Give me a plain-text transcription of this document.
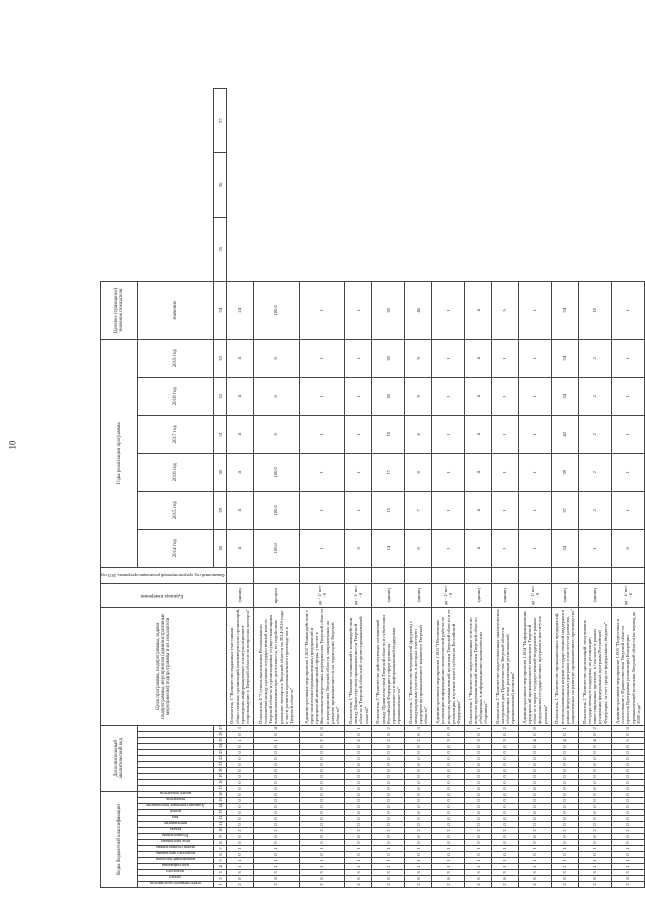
10
Коды бюджетной классификации																Дополнительный аналитический код											Цели программы, подпрограммы, задачи подпрограммы, мероприятия (административные мероприятия) подпрограммы и их показатели	Единица измерения	Финансовый год, предшествующий реализации программы, 2013 год	Годы реализации программы						Целевое (суммарное) значение показателя			
ответственного исполнителя	раздел	подраздел	классификация	направление расходов	подраздел программы	задачи подпрограммы	цель программы	Подпрограмма	задача	мероприятие	вид	номер	Административное мероприятие	показатель	номер показателя															2014 год	2015 год	2016 год	2017 год	2018 год	2019 год	значение			
1	2	3	4	5	6	7	8	9	10	11	12	13	14	15	16	17	18	19	20	21	22	23	24	25	26	27				28	29	30	31	32	33	34	35	36	37
2	8	3	1	1	0	1	0	0	2	0	0	0	0	0	0	0	0	0	0	0	0	0	0	1	0	3	Показатель 3 "Количество выданных участникам общественных организаций некоммерческих организаций, прошедших информационное и консультационное сопровождение в Тверской области по вопросам экспорта"	единиц		4	4	4	4	4	4	24			
2	8	3	1	1	0	1	0	0	2	0	0	0	0	0	0	0	0	0	0	0	0	0	0	1	0	4	Показатель 4 "Степень выполнения Регионального соглашения между органами государственной власти Тверской области и организациями, осуществляющими внешнеэкономическую деятельность, по содействию развитию экспорта в Тверской области на 2014-2016 годы в части развития промышленного производства в Тверской области"	процент		100,0	100,0	100,0	0	0	0	100,0			
2	8	3	1	1	0	1	0	0	2	0	0	0	0	0	0	0	0	0	0	0	0	0	0	2	0	0	Административное мероприятие 1.002 "Взаимодействие с представителями промышленных предприятий и предприятий инновационной сферы, участие в Выставочно-конгрессных мероприятиях Тверской области и мероприятиях Тверской области, направленных на развитие промышленности на территории Тверской области"	да - 1/ нет - 0		1	1	1	1	1	1	1			
2	8	3	1	1	0	1	0	0	2	0	0	0	0	0	0	0	0	0	0	0	0	0	0	2	0	1	Показатель 1 "Наличие соглашений о взаимодействии между Министерством промышленности Тверской области и Тверской областной торгово-промышленной палатой"	да - 1/ нет - 0		0	1	1	1	1	1	1			
2	8	3	1	1	0	1	0	0	2	0	0	0	0	0	0	0	0	0	0	0	0	0	0	2	0	2	Показатель 2 "Количество действующих соглашений между Правительством Тверской области и субъектами Российской Федерации в сфере развития промышленности и информационной поддержки промышленности"	единиц		14	15	17	18	20	20	20			
2	8	3	1	1	0	1	0	0	2	0	0	0	0	0	0	0	0	0	0	0	0	0	0	2	0	3	Показатель 3 "Количество мероприятий (форумов) с международным участием, в которых участвуют предприятия промышленного комплекса Тверской области"	единиц		6	7	8	8	9	9	46			
2	8	3	1	1	0	1	0	0	2	0	0	0	0	0	0	0	0	0	0	0	0	0	0	3	0	0	Административное мероприятие 1.003 "Обеспечение реализации информационно-аналитической работы по вопросам промышленной политики Тверской области и ее реализации, изучение опыта субъектов Российской Федерации"	да - 1/ нет - 0		1	1	1	1	1	1	1			
2	8	3	1	1	0	1	0	0	2	0	0	0	0	0	0	0	0	0	0	0	0	0	0	3	0	1	Показатель 1 "Количество подготовленных отчетов по вопросам промышленной политики Тверской области, обобщенных в информационно-аналитических сборниках"	единиц		4	4	4	4	4	4	4			
2	8	3	1	1	0	1	0	0	2	0	0	0	0	0	0	0	0	0	0	0	0	0	0	3	0	2	Показатель 2 "Количество подготовленных аналитических материалов для Правительства Тверской области, обобщающих опыт реализации региональной промышленной политики"	единиц		1	1	1	1	1	1	5			
2	8	3	1	1	0	1	0	0	2	0	0	0	0	0	0	0	0	0	0	0	0	0	0	4	0	0	Административное мероприятие 1.004 "Информирование предприятий промышленного комплекса Тверской области о мерах государственной поддержки в рамках федеральных государственных программ и институтов развития"	да - 1/ нет - 0		1	1	1	1	1	1	1			
2	8	3	1	1	0	1	0	0	2	0	0	0	0	0	0	0	0	0	0	0	0	0	0	4	0	1	Показатель 1 "Количество промышленных предприятий, воспользовавшихся мерами государственной поддержки в рамках федеральных программ и институтов развития, направленных на развитие промышленного производства"	единиц		34	37	39	42	34	34	34			
2	8	3	1	1	0	1	0	0	2	0	0	0	0	0	0	0	0	0	0	0	0	0	0	4	0	2	Показатель 2 "Количество организаций, получивших государственную поддержку на реализацию инвестиционных проектов, в том числе в рамках реализации федеральных программ Российской Федерации, за счет средств федерального бюджета"	единиц		1	2	2	2	2	2	10			
2	8	3	1	1	0	1	0	0	2	0	0	0	0	0	0	0	0	0	0	0	0	0	0	5	0	0	Административное мероприятие 1.005 "Подготовка и согласование с Правительством Тверской области проектов Программы реализации Концепции промышленной политики Тверской области на период до 2020 года"	да - 1/ нет - 0		0	1	1	1	1	1	1			
